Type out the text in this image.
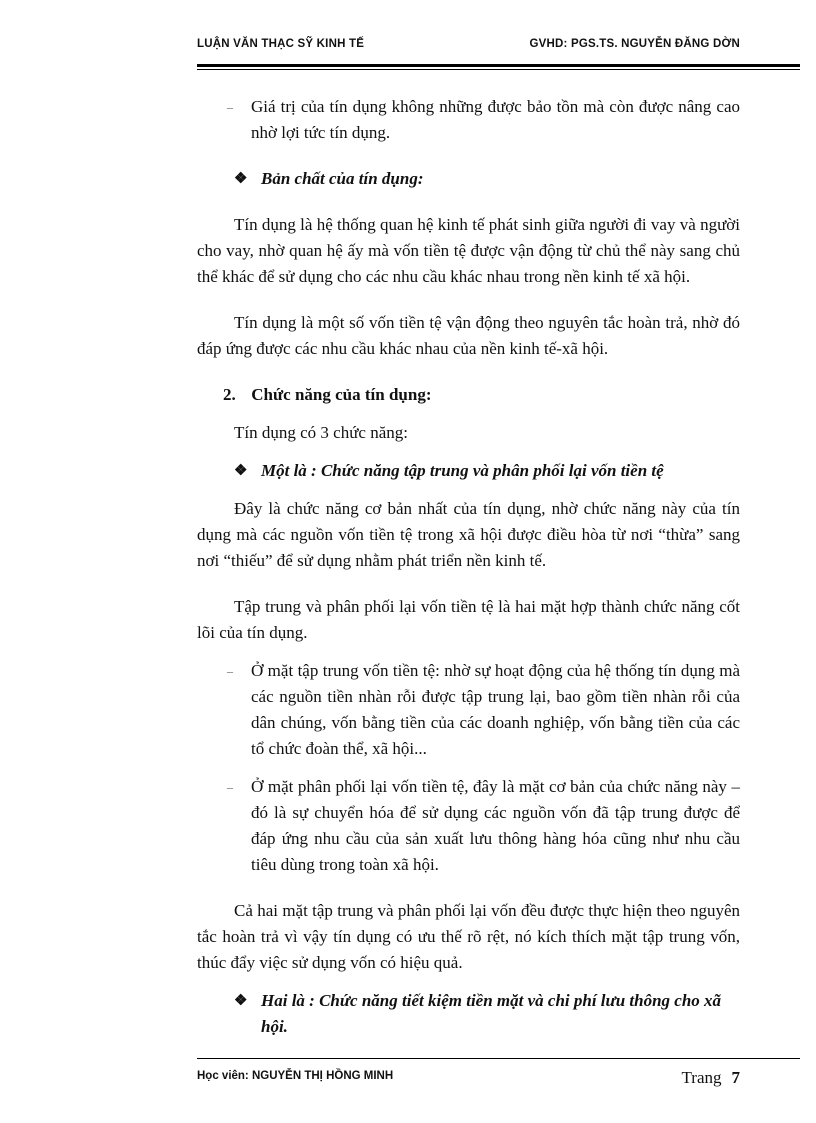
LUẬN VĂN THẠC SỸ KINH TẾ	GVHD: PGS.TS. NGUYỄN ĐĂNG DỜN
– Giá trị của tín dụng không những được bảo tồn mà còn được nâng cao nhờ lợi tức tín dụng.
❖ Bản chất của tín dụng:

Tín dụng là hệ thống quan hệ kinh tế phát sinh giữa người đi vay và người cho vay, nhờ quan hệ ấy mà vốn tiền tệ được vận động từ chủ thể này sang chủ thể khác để sử dụng cho các nhu cầu khác nhau trong nền kinh tế xã hội.

Tín dụng là một số vốn tiền tệ vận động theo nguyên tắc hoàn trả, nhờ đó đáp ứng được các nhu cầu khác nhau của nền kinh tế-xã hội.

2. Chức năng của tín dụng:

Tín dụng có 3 chức năng:

❖ Một là : Chức năng tập trung và phân phối lại vốn tiền tệ

Đây là chức năng cơ bản nhất của tín dụng, nhờ chức năng này của tín dụng mà các nguồn vốn tiền tệ trong xã hội được điều hòa từ nơi “thừa” sang nơi “thiếu” để sử dụng nhằm phát triển nền kinh tế.

Tập trung và phân phối lại vốn tiền tệ là hai mặt hợp thành chức năng cốt lõi của tín dụng.

– Ở mặt tập trung vốn tiền tệ: nhờ sự hoạt động của hệ thống tín dụng mà các nguồn tiền nhàn rỗi được tập trung lại, bao gồm tiền nhàn rỗi của dân chúng, vốn bằng tiền của các doanh nghiệp, vốn bằng tiền của các tổ chức đoàn thể, xã hội...
– Ở mặt phân phối lại vốn tiền tệ, đây là mặt cơ bản của chức năng này – đó là sự chuyển hóa để sử dụng các nguồn vốn đã tập trung được để đáp ứng nhu cầu của sản xuất lưu thông hàng hóa cũng như nhu cầu tiêu dùng trong toàn xã hội.

Cả hai mặt tập trung và phân phối lại vốn đều được thực hiện theo nguyên tắc hoàn trả vì vậy tín dụng có ưu thế rõ rệt, nó kích thích mặt tập trung vốn, thúc đẩy việc sử dụng vốn có hiệu quả.

❖ Hai là : Chức năng tiết kiệm tiền mặt và chi phí lưu thông cho xã hội.
Học viên: NGUYỄN THỊ HỒNG MINH	Trang 7
